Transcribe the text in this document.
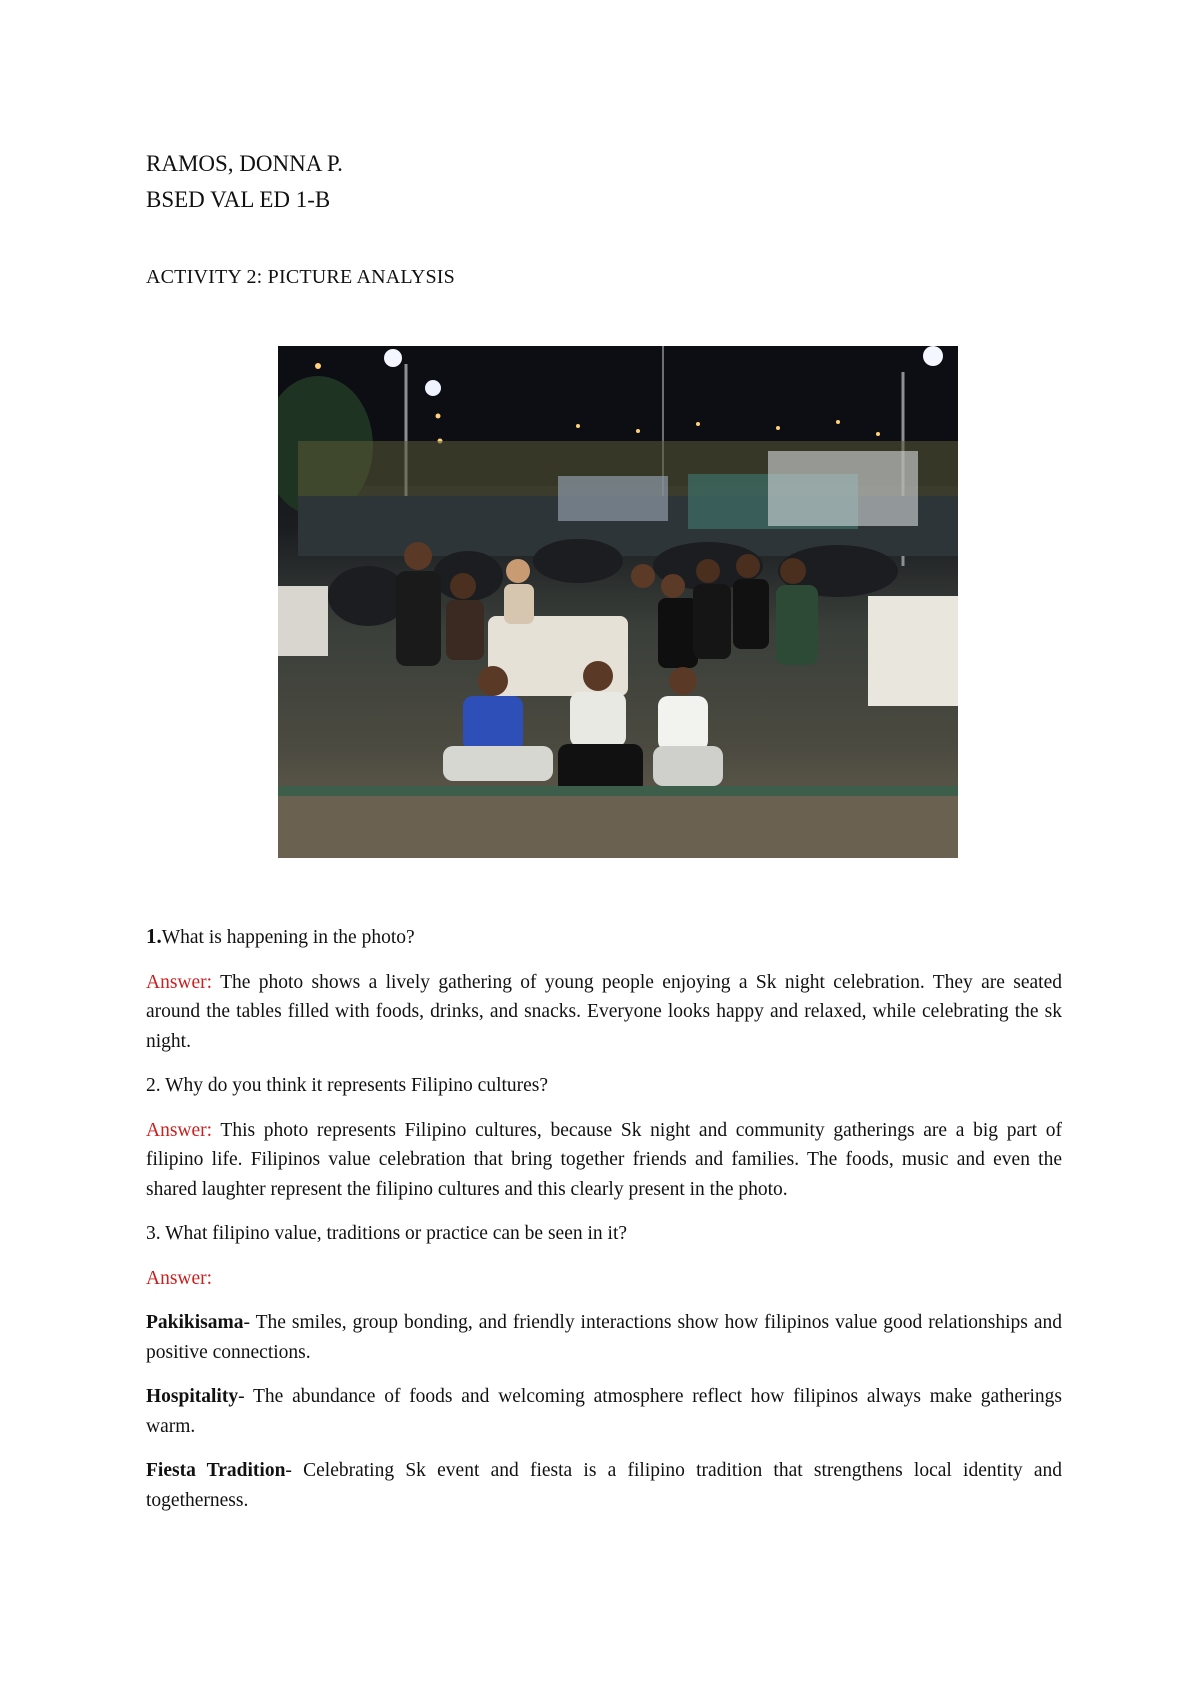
RAMOS, DONNA P.
BSED VAL ED 1-B
ACTIVITY 2: PICTURE ANALYSIS

1.What is happening in the photo?

Answer: The photo shows a lively gathering of young people enjoying a Sk night celebration. They are seated around the tables filled with foods, drinks, and snacks. Everyone looks happy and relaxed, while celebrating the sk night.

2. Why do you think it represents Filipino cultures?

Answer: This photo represents Filipino cultures, because Sk night and community gatherings are a big part of filipino life. Filipinos value celebration that bring together friends and families. The foods, music and even the shared laughter represent the filipino cultures and this clearly present in the photo.

3. What filipino value, traditions or practice can be seen in it?

Answer:

Pakikisama- The smiles, group bonding, and friendly interactions show how filipinos value good relationships and positive connections.

Hospitality- The abundance of foods and welcoming atmosphere reflect how filipinos always make gatherings warm.

Fiesta Tradition- Celebrating Sk event and fiesta is a filipino tradition that strengthens local identity and togetherness.
